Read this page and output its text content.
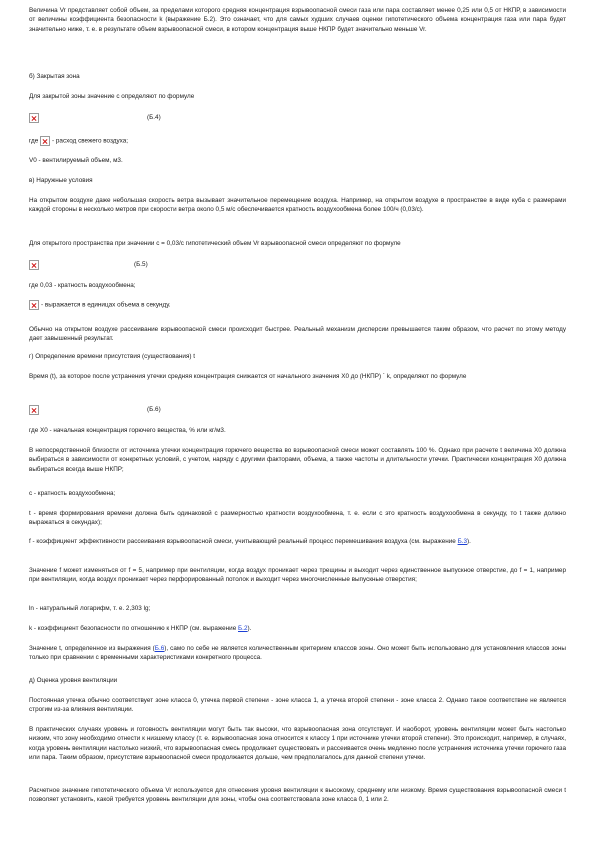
Величина Vr представляет собой объем, за пределами которого средняя концентрация взрывоопасной смеси газа или пара составляет менее 0,25 или 0,5 от НКПР, в зависимости от величины коэффициента безопасности k (выражение Б.2). Это означает, что для самых худших случаев оценки гипотетического объема концентрация газа или пара будет значительно ниже, т. е. в результате объем взрывоопасной смеси, в котором концентрация выше НКПР будет значительно меньше Vr.

б) Закрытая зона

Для закрытой зоны значение с определяют по формуле

(Б.4)

где - расход свежего воздуха;

V0 - вентилируемый объем, м3.

в) Наружные условия

На открытом воздухе даже небольшая скорость ветра вызывает значительное перемещение воздуха. Например, на открытом воздухе в пространстве в виде куба с размерами каждой стороны в несколько метров при скорости ветра около 0,5 м/с обеспечивается кратность воздухообмена более 100/ч (0,03/с).

Для открытого пространства при значении c = 0,03/с гипотетический объем Vr взрывоопасной смеси определяют по формуле

(Б.5)

где 0,03 - кратность воздухообмена;

- выражается в единицах объема в секунду.

Обычно на открытом воздухе рассеивание взрывоопасной смеси происходит быстрее. Реальный механизм дисперсии превышается таким образом, что расчет по этому методу дает завышенный результат.

г) Определение времени присутствия (существования) t

Время (t), за которое после устранения утечки средняя концентрация снижается от начального значения X0 до (НКПР) ´ k, определяют по формуле

(Б.6)

где X0 - начальная концентрация горючего вещества, % или кг/м3.

В непосредственной близости от источника утечки концентрация горючего вещества во взрывоопасной смеси может составлять 100 %. Однако при расчете t величина X0 должна выбираться в зависимости от конкретных условий, с учетом, наряду с другими факторами, объема, а также частоты и длительности утечки. Практически концентрация X0 должна выбираться всегда выше НКПР;

с - кратность воздухообмена;

t - время формирования времени должна быть одинаковой с размерностью кратности воздухообмена, т. е. если с это кратность воздухообмена в секунду, то t также должно выражаться в секундах);

f - коэффициент эффективности рассеивания взрывоопасной смеси, учитывающий реальный процесс перемешивания воздуха (см. выражение Б.3).

Значение f может изменяться от f = 5, например при вентиляции, когда воздух проникает через трещины и выходит через единственное выпускное отверстие, до f = 1, например при вентиляции, когда воздух проникает через перфорированный потолок и выходит через многочисленные выпускные отверстия;

ln - натуральный логарифм, т. е. 2,303 lg;

k - коэффициент безопасности по отношению к НКПР (см. выражение Б.2).

Значение t, определенное из выражения (Б.6), само по себе не является количественным критерием классов зоны. Оно может быть использовано для установления классов зоны только при сравнении с временными характеристиками конкретного процесса.

д) Оценка уровня вентиляции

Постоянная утечка обычно соответствует зоне класса 0, утечка первой степени - зоне класса 1, а утечка второй степени - зоне класса 2. Однако такое соответствие не является строгим из-за влияния вентиляции.

В практических случаях уровень и готовность вентиляции могут быть так высоки, что взрывоопасная зона отсутствует. И наоборот, уровень вентиляции может быть настолько низким, что зону необходимо отнести к низшему классу (т. е. взрывоопасная зона относится к классу 1 при источнике утечки второй степени). Это происходит, например, в случаях, когда уровень вентиляции настолько низкий, что взрывоопасная смесь продолжает существовать и рассеивается очень медленно после устранения источника утечки горючего газа или пара. Таким образом, присутствие взрывоопасной смеси продолжается дольше, чем предполагалось для данной степени утечки.

Расчетное значение гипотетического объема Vr используется для отнесения уровня вентиляции к высокому, среднему или низкому. Время существования взрывоопасной смеси t позволяет установить, какой требуется уровень вентиляции для зоны, чтобы она соответствовала зоне класса 0, 1 или 2.
